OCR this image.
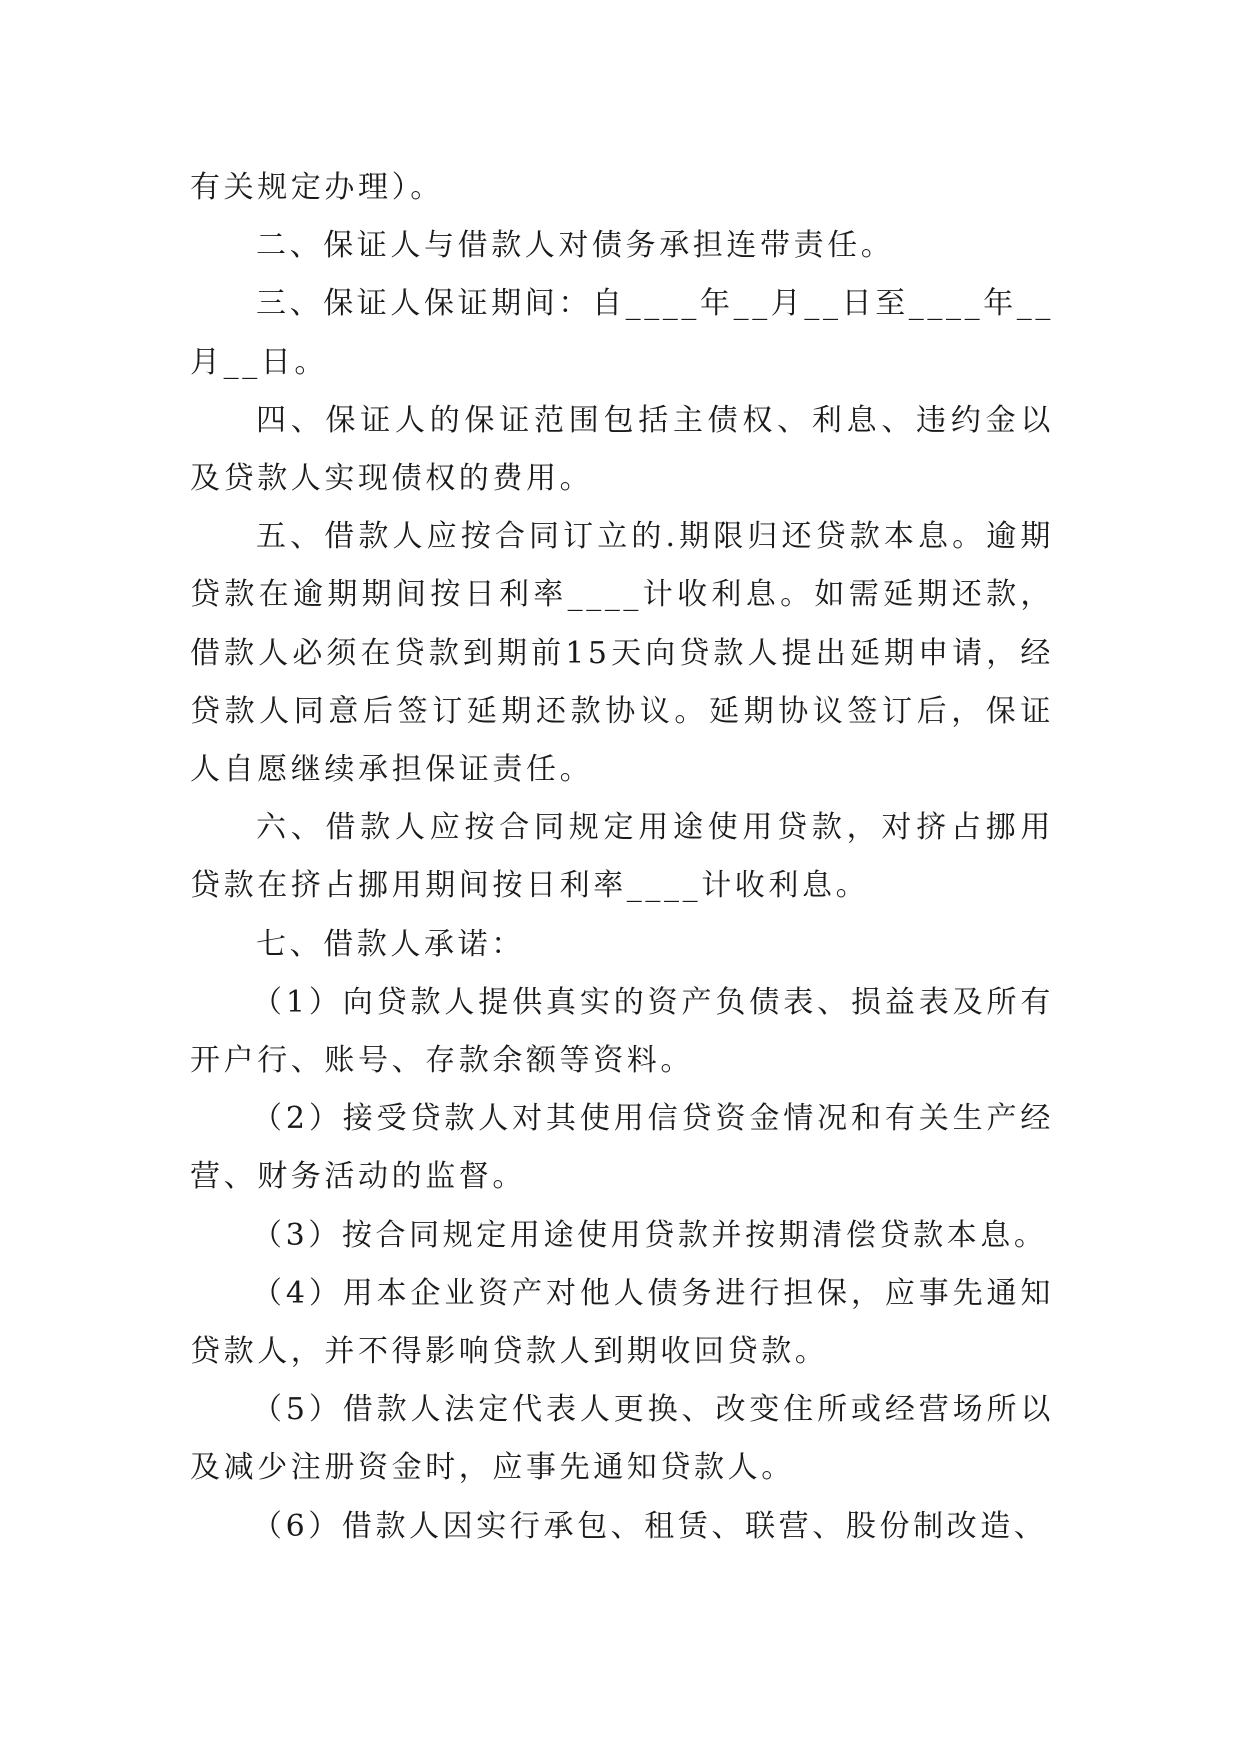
有关规定办理）。

二、保证人与借款人对债务承担连带责任。

三、保证人保证期间：自____年__月__日至____年__月__日。

四、保证人的保证范围包括主债权、利息、违约金以及贷款人实现债权的费用。

五、借款人应按合同订立的.期限归还贷款本息。逾期贷款在逾期期间按日利率____计收利息。如需延期还款，借款人必须在贷款到期前15天向贷款人提出延期申请，经贷款人同意后签订延期还款协议。延期协议签订后，保证人自愿继续承担保证责任。

六、借款人应按合同规定用途使用贷款，对挤占挪用贷款在挤占挪用期间按日利率____计收利息。

七、借款人承诺：

（1）向贷款人提供真实的资产负债表、损益表及所有开户行、账号、存款余额等资料。

（2）接受贷款人对其使用信贷资金情况和有关生产经营、财务活动的监督。

（3）按合同规定用途使用贷款并按期清偿贷款本息。

（4）用本企业资产对他人债务进行担保，应事先通知贷款人，并不得影响贷款人到期收回贷款。

（5）借款人法定代表人更换、改变住所或经营场所以及减少注册资金时，应事先通知贷款人。

（6）借款人因实行承包、租赁、联营、股份制改造、
